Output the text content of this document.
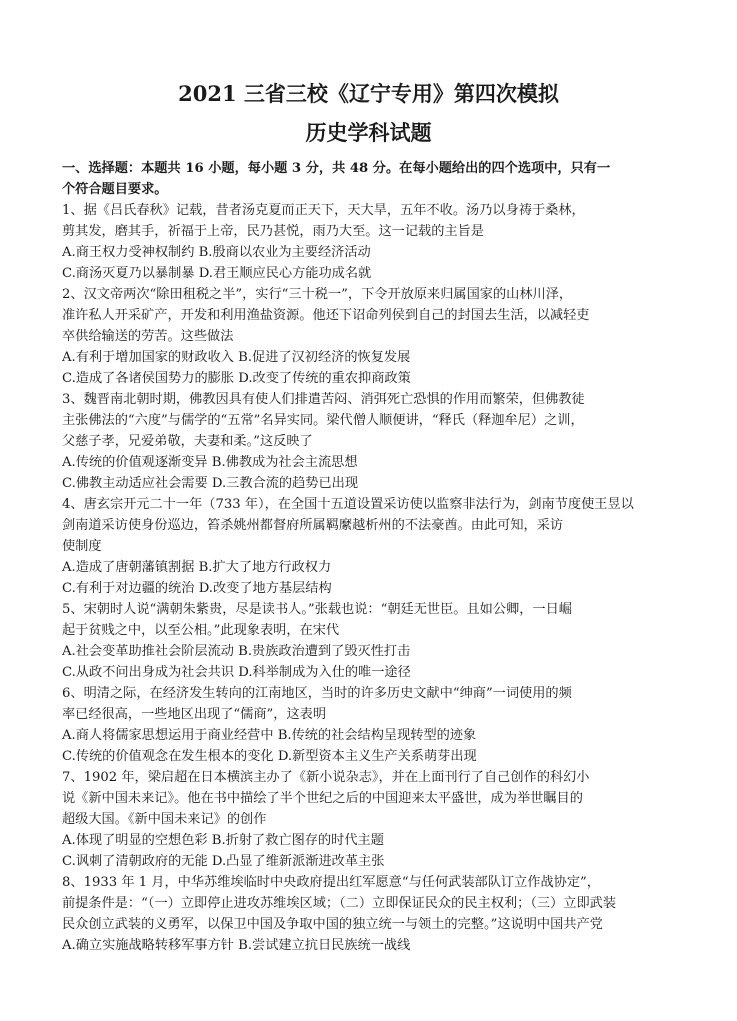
2021 三省三校《辽宁专用》第四次模拟
历史学科试题
一、选择题：本题共 16 小题，每小题 3 分，共 48 分。在每小题给出的四个选项中，只有一
个符合题目要求。
1、据《吕氏春秋》记载，昔者汤克夏而正天下，天大旱，五年不收。汤乃以身祷于桑林，
剪其发，磨其手，祈福于上帝，民乃甚悦，雨乃大至。这一记载的主旨是
A.商王权力受神权制约 B.殷商以农业为主要经济活动
C.商汤灭夏乃以暴制暴 D.君王顺应民心方能功成名就
2、汉文帝两次“除田租税之半”，实行“三十税一”，下令开放原来归属国家的山林川泽，
准许私人开采矿产，开发和利用渔盐资源。他还下诏命列侯到自己的封国去生活，以减轻吏
卒供给输送的劳苦。这些做法
A.有利于增加国家的财政收入 B.促进了汉初经济的恢复发展
C.造成了各诸侯国势力的膨胀 D.改变了传统的重农抑商政策
3、魏晋南北朝时期，佛教因具有使人们排遣苦闷、消弭死亡恐惧的作用而繁荣，但佛教徒
主张佛法的“六度”与儒学的“五常”名异实同。梁代僧人顺便讲，“释氏（释迦牟尼）之训，
父慈子孝，兄爱弟敬，夫妻和柔。”这反映了
A.传统的价值观逐渐变异 B.佛教成为社会主流思想
C.佛教主动适应社会需要 D.三教合流的趋势已出现
4、唐玄宗开元二十一年（733 年），在全国十五道设置采访使以监察非法行为，剑南节度使王昱以
剑南道采访使身份巡边，笞杀姚州都督府所属羁縻越析州的不法豪酋。由此可知，采访
使制度
A.造成了唐朝藩镇割据 B.扩大了地方行政权力
C.有利于对边疆的统治 D.改变了地方基层结构
5、宋朝时人说“满朝朱紫贵，尽是读书人。”张载也说：“朝廷无世臣。且如公卿，一日崛
起于贫贱之中，以至公相。”此现象表明，在宋代
A.社会变革助推社会阶层流动 B.贵族政治遭到了毁灭性打击
C.从政不问出身成为社会共识 D.科举制成为入仕的唯一途径
6、明清之际，在经济发生转向的江南地区，当时的许多历史文献中“绅商”一词使用的频
率已经很高，一些地区出现了“儒商”，这表明
A.商人将儒家思想运用于商业经营中 B.传统的社会结构呈现转型的迹象
C.传统的价值观念在发生根本的变化 D.新型资本主义生产关系萌芽出现
7、1902 年，梁启超在日本横滨主办了《新小说杂志》，并在上面刊行了自己创作的科幻小
说《新中国未来记》。他在书中描绘了半个世纪之后的中国迎来太平盛世，成为举世瞩目的
超级大国。《新中国未来记》的创作
A.体现了明显的空想色彩 B.折射了救亡图存的时代主题
C.讽刺了清朝政府的无能 D.凸显了维新派渐进改革主张
8、1933 年 1 月，中华苏维埃临时中央政府提出红军愿意“与任何武装部队订立作战协定”，
前提条件是：“（一）立即停止进攻苏维埃区域；（二）立即保证民众的民主权利；（三）立即武装
民众创立武装的义勇军，以保卫中国及争取中国的独立统一与领土的完整。”这说明中国共产党
A.确立实施战略转移军事方针 B.尝试建立抗日民族统一战线
